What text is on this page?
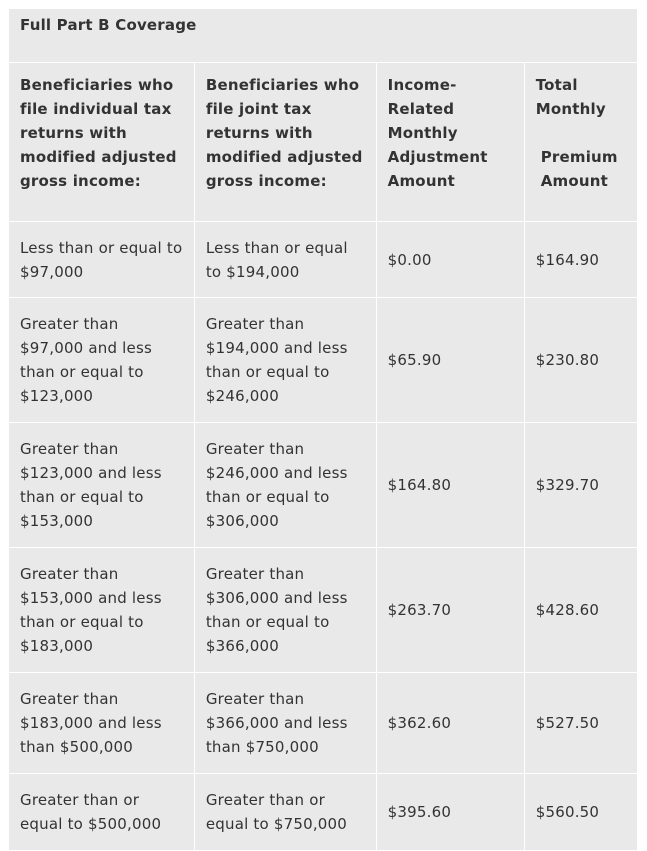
Full Part B Coverage			
Beneficiaries who file individual tax returns with modified adjusted gross income:	Beneficiaries who file joint tax returns with modified adjusted gross income:	Income-Related Monthly Adjustment Amount	Total Monthly
Premium Amount

Less than or equal to $97,000	Less than or equal to $194,000	$0.00	$164.90
Greater than $97,000 and less than or equal to $123,000	Greater than $194,000 and less than or equal to $246,000	$65.90	$230.80
Greater than $123,000 and less than or equal to $153,000	Greater than $246,000 and less than or equal to $306,000	$164.80	$329.70
Greater than $153,000 and less than or equal to $183,000	Greater than $306,000 and less than or equal to $366,000	$263.70	$428.60
Greater than $183,000 and less than $500,000	Greater than $366,000 and less than $750,000	$362.60	$527.50
Greater than or equal to $500,000	Greater than or equal to $750,000	$395.60	$560.50
